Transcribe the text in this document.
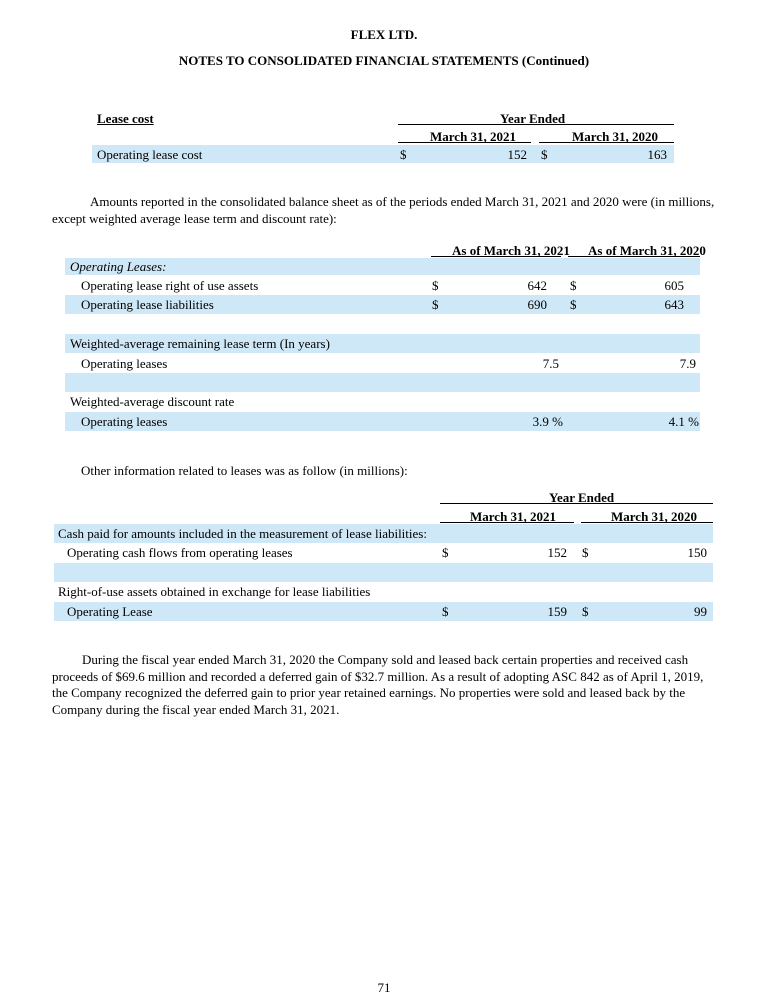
FLEX LTD.
NOTES TO CONSOLIDATED FINANCIAL STATEMENTS (Continued)
Lease cost	Year Ended
March 31, 2021	March 31, 2020
Operating lease cost	$	152 $	163
Amounts reported in the consolidated balance sheet as of the periods ended March 31, 2021 and 2020 were (in millions, except weighted average lease term and discount rate):
As of March 31, 2021 As of March 31, 2020
Operating Leases:
Operating lease right of use assets	$	642 $	605
Operating lease liabilities	$	690 $	643
Weighted-average remaining lease term (In years)
Operating leases	7.5	7.9
Weighted-average discount rate
Operating leases	3.9 %	4.1 %
Other information related to leases was as follow (in millions):
Year Ended
March 31, 2021	March 31, 2020
Cash paid for amounts included in the measurement of lease liabilities:
Operating cash flows from operating leases	$	152 $	150
Right-of-use assets obtained in exchange for lease liabilities
Operating Lease	$	159 $	99
During the fiscal year ended March 31, 2020 the Company sold and leased back certain properties and received cash proceeds of $69.6 million and recorded a deferred gain of $32.7 million. As a result of adopting ASC 842 as of April 1, 2019, the Company recognized the deferred gain to prior year retained earnings. No properties were sold and leased back by the Company during the fiscal year ended March 31, 2021.
71
